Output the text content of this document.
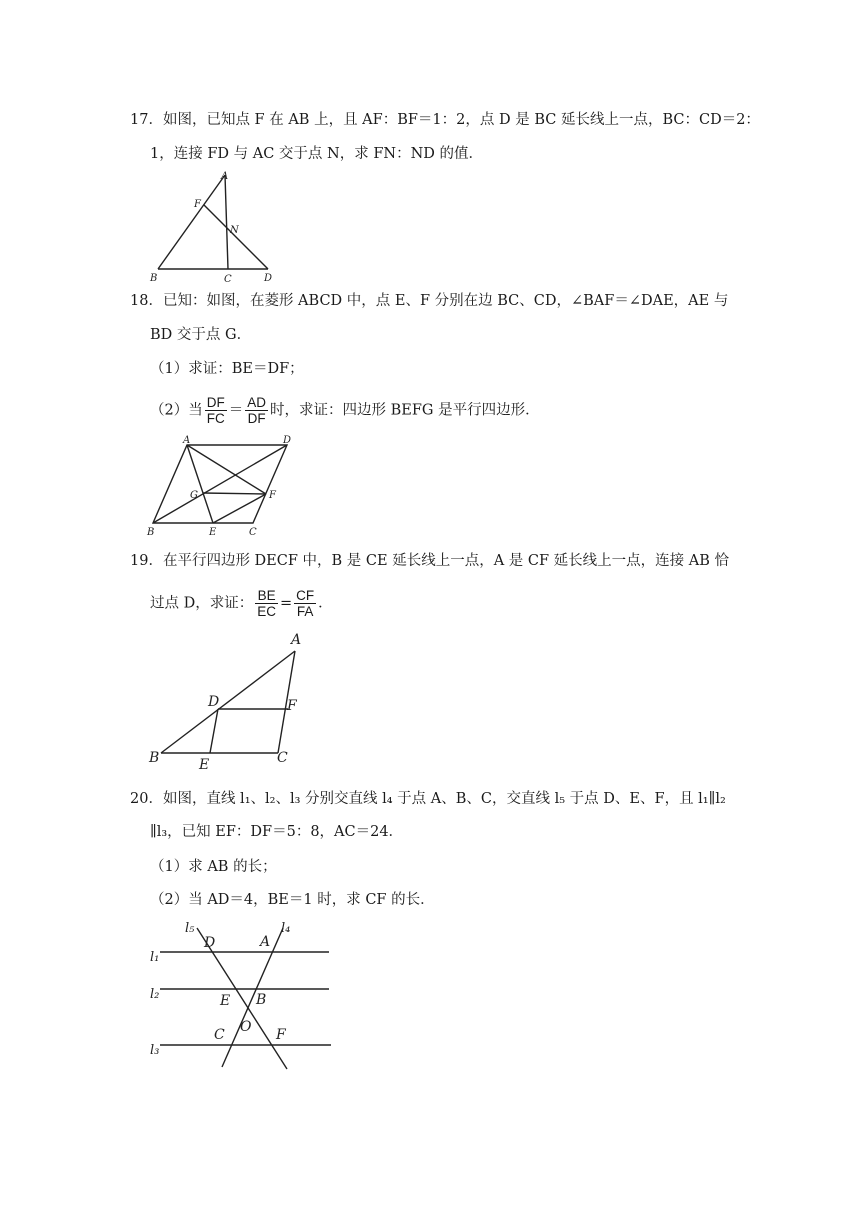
17．如图，已知点 F 在 AB 上，且 AF：BF＝1：2，点 D 是 BC 延长线上一点，BC：CD＝2：
1，连接 FD 与 AC 交于点 N，求 FN：ND 的值．
A
F
N
B	C	D
18．已知：如图，在菱形 ABCD 中，点 E、F 分别在边 BC、CD，∠BAF＝∠DAE，AE 与
BD 交于点 G．
（1）求证：BE＝DF；
（2）当 $\frac{DF}{FC} = \frac{AD}{DF}$ 时，求证：四边形 BEFG 是平行四边形．
A	D
G	F
B	E	C
19．在平行四边形 DECF 中，B 是 CE 延长线上一点，A 是 CF 延长线上一点，连接 AB 恰
过点 D，求证： $\frac{BE}{EC} = \frac{CF}{FA}$ ．
A
D	F
B	E	C
20．如图，直线 l₁、l₂、l₃ 分别交直线 l₄ 于点 A、B、C，交直线 l₅ 于点 D、E、F，且 l₁∥l₂
∥l₃，已知 EF：DF＝5：8，AC＝24．
（1）求 AB 的长；
（2）当 AD＝4，BE＝1 时，求 CF 的长．
l₅	l₄
l₁
l₂
l₃
D	A
E B
O
C	F
